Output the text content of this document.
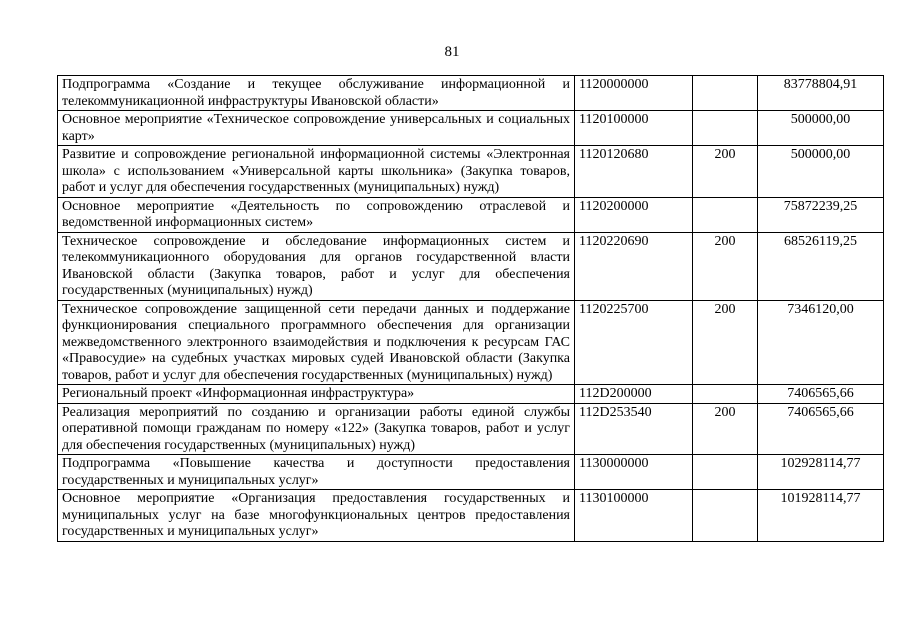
81
Подпрограмма «Создание и текущее обслуживание информационной и телекоммуникационной инфраструктуры Ивановской области»	1120000000		83778804,91
Основное мероприятие «Техническое сопровождение универсальных и социальных карт»	1120100000		500000,00
Развитие и сопровождение региональной информационной системы «Электронная школа» с использованием «Универсальной карты школьника» (Закупка товаров, работ и услуг для обеспечения государственных (муниципальных) нужд)	1120120680	200	500000,00
Основное мероприятие «Деятельность по сопровождению отраслевой и ведомственной информационных систем»	1120200000		75872239,25
Техническое сопровождение и обследование информационных систем и телекоммуникационного оборудования для органов государственной власти Ивановской области (Закупка товаров, работ и услуг для обеспечения государственных (муниципальных) нужд)	1120220690	200	68526119,25
Техническое сопровождение защищенной сети передачи данных и поддержание функционирования специального программного обеспечения для организации межведомственного электронного взаимодействия и подключения к ресурсам ГАС «Правосудие» на судебных участках мировых судей Ивановской области (Закупка товаров, работ и услуг для обеспечения государственных (муниципальных) нужд)	1120225700	200	7346120,00
Региональный проект «Информационная инфраструктура»	112D200000		7406565,66
Реализация мероприятий по созданию и организации работы единой службы оперативной помощи гражданам по номеру «122» (Закупка товаров, работ и услуг для обеспечения государственных (муниципальных) нужд)	112D253540	200	7406565,66
Подпрограмма «Повышение качества и доступности предоставления государственных и муниципальных услуг»	1130000000		102928114,77
Основное мероприятие «Организация предоставления государственных и муниципальных услуг на базе многофункциональных центров предоставления государственных и муниципальных услуг»	1130100000		101928114,77
